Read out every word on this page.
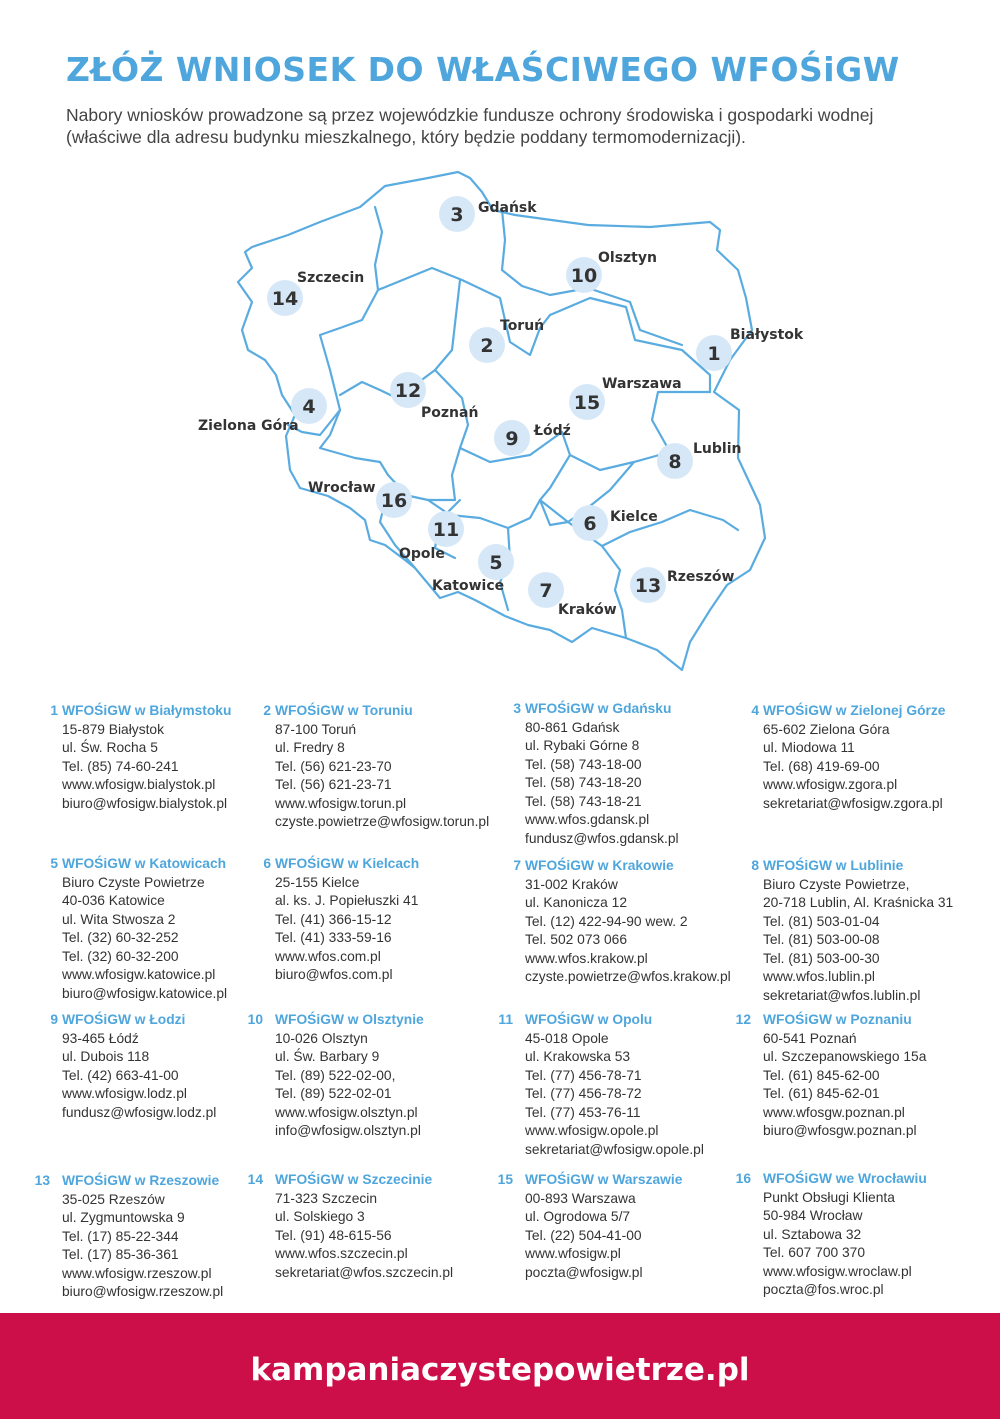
ZŁÓŻ WNIOSEK DO WŁAŚCIWEGO WFOŚiGW
Nabory wniosków prowadzone są przez wojewódzkie fundusze ochrony środowiska i gospodarki wodnej
(właściwe dla adresu budynku mieszkalnego, który będzie poddany termomodernizacji).
1
Białystok
2
Toruń
3 Gdańsk
4
Zielona Góra
5
Katowice
6 Kielce
7
Kraków
8
Lublin
9 Łódź
10
Olsztyn
11
Opole
12
Poznań
13 Rzeszów
14
Szczecin
15
Warszawa
16
Wrocław
1 WFOŚiGW w Białymstoku
15-879 Białystok
ul. Św. Rocha 5
Tel. (85) 74-60-241
www.wfosigw.bialystok.pl
biuro@wfosigw.bialystok.pl
2 WFOŚiGW w Toruniu
87-100 Toruń
ul. Fredry 8
Tel. (56) 621-23-70
Tel. (56) 621-23-71
www.wfosigw.torun.pl
czyste.powietrze@wfosigw.torun.pl
3 WFOŚiGW w Gdańsku
80-861 Gdańsk
ul. Rybaki Górne 8
Tel. (58) 743-18-00
Tel. (58) 743-18-20
Tel. (58) 743-18-21
www.wfos.gdansk.pl
fundusz@wfos.gdansk.pl
4 WFOŚiGW w Zielonej Górze
65-602 Zielona Góra
ul. Miodowa 11
Tel. (68) 419-69-00
www.wfosigw.zgora.pl
sekretariat@wfosigw.zgora.pl
5 WFOŚiGW w Katowicach
Biuro Czyste Powietrze
40-036 Katowice
ul. Wita Stwosza 2
Tel. (32) 60-32-252
Tel. (32) 60-32-200
www.wfosigw.katowice.pl
biuro@wfosigw.katowice.pl
6 WFOŚiGW w Kielcach
25-155 Kielce
al. ks. J. Popiełuszki 41
Tel. (41) 366-15-12
Tel. (41) 333-59-16
www.wfos.com.pl
biuro@wfos.com.pl
7 WFOŚiGW w Krakowie
31-002 Kraków
ul. Kanonicza 12
Tel. (12) 422-94-90 wew. 2
Tel. 502 073 066
www.wfos.krakow.pl
czyste.powietrze@wfos.krakow.pl
8 WFOŚiGW w Lublinie
Biuro Czyste Powietrze,
20-718 Lublin, Al. Kraśnicka 31
Tel. (81) 503-01-04
Tel. (81) 503-00-08
Tel. (81) 503-00-30
www.wfos.lublin.pl
sekretariat@wfos.lublin.pl
9 WFOŚiGW w Łodzi
93-465 Łódź
ul. Dubois 118
Tel. (42) 663-41-00
www.wfosigw.lodz.pl
fundusz@wfosigw.lodz.pl
10 WFOŚiGW w Olsztynie
10-026 Olsztyn
ul. Św. Barbary 9
Tel. (89) 522-02-00,
Tel. (89) 522-02-01
www.wfosigw.olsztyn.pl
info@wfosigw.olsztyn.pl
11 WFOŚiGW w Opolu
45-018 Opole
ul. Krakowska 53
Tel. (77) 456-78-71
Tel. (77) 456-78-72
Tel. (77) 453-76-11
www.wfosigw.opole.pl
sekretariat@wfosigw.opole.pl
12 WFOŚiGW w Poznaniu
60-541 Poznań
ul. Szczepanowskiego 15a
Tel. (61) 845-62-00
Tel. (61) 845-62-01
www.wfosgw.poznan.pl
biuro@wfosgw.poznan.pl
13 WFOŚiGW w Rzeszowie
35-025 Rzeszów
ul. Zygmuntowska 9
Tel. (17) 85-22-344
Tel. (17) 85-36-361
www.wfosigw.rzeszow.pl
biuro@wfosigw.rzeszow.pl
14 WFOŚiGW w Szczecinie
71-323 Szczecin
ul. Solskiego 3
Tel. (91) 48-615-56
www.wfos.szczecin.pl
sekretariat@wfos.szczecin.pl
15 WFOŚiGW w Warszawie
00-893 Warszawa
ul. Ogrodowa 5/7
Tel. (22) 504-41-00
www.wfosigw.pl
poczta@wfosigw.pl
16 WFOŚiGW we Wrocławiu
Punkt Obsługi Klienta
50-984 Wrocław
ul. Sztabowa 32
Tel. 607 700 370
www.wfosigw.wroclaw.pl
poczta@fos.wroc.pl
kampaniaczystepowietrze.pl
